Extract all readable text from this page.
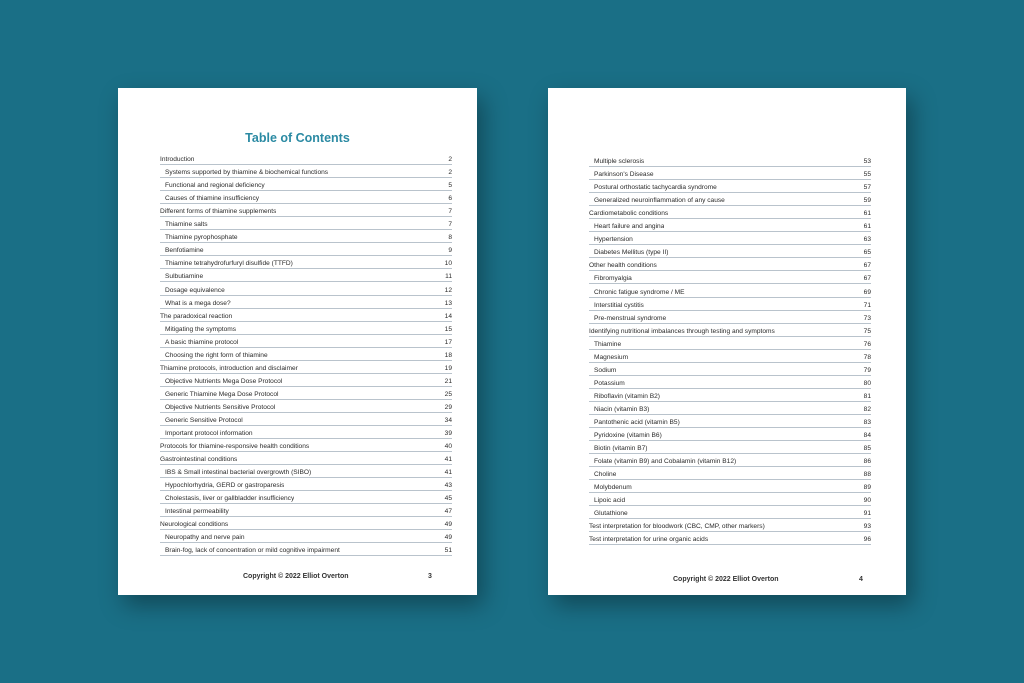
Table of Contents
Introduction	2
Systems supported by thiamine & biochemical functions	2
Functional and regional deficiency	5
Causes of thiamine insufficiency	6
Different forms of thiamine supplements	7
Thiamine salts	7
Thiamine pyrophosphate	8
Benfotiamine	9
Thiamine tetrahydrofurfuryl disulfide (TTFD)	10
Sulbutiamine	11
Dosage equivalence	12
What is a mega dose?	13
The paradoxical reaction	14
Mitigating the symptoms	15
A basic thiamine protocol	17
Choosing the right form of thiamine	18
Thiamine protocols, introduction and disclaimer	19
Objective Nutrients Mega Dose Protocol	21
Generic Thiamine Mega Dose Protocol	25
Objective Nutrients Sensitive Protocol	29
Generic Sensitive Protocol	34
Important protocol information	39
Protocols for thiamine-responsive health conditions	40
Gastrointestinal conditions	41
IBS & Small intestinal bacterial overgrowth (SIBO)	41
Hypochlorhydria, GERD or gastroparesis	43
Cholestasis, liver or gallbladder insufficiency	45
Intestinal permeability	47
Neurological conditions	49
Neuropathy and nerve pain	49
Brain-fog, lack of concentration or mild cognitive impairment	51
Copyright © 2022 Elliot Overton	3
Multiple sclerosis	53
Parkinson's Disease	55
Postural orthostatic tachycardia syndrome	57
Generalized neuroinflammation of any cause	59
Cardiometabolic conditions	61
Heart failure and angina	61
Hypertension	63
Diabetes Mellitus (type II)	65
Other health conditions	67
Fibromyalgia	67
Chronic fatigue syndrome / ME	69
Interstitial cystitis	71
Pre-menstrual syndrome	73
Identifying nutritional imbalances through testing and symptoms	75
Thiamine	76
Magnesium	78
Sodium	79
Potassium	80
Riboflavin (vitamin B2)	81
Niacin (vitamin B3)	82
Pantothenic acid (vitamin B5)	83
Pyridoxine (vitamin B6)	84
Biotin (vitamin B7)	85
Folate (vitamin B9) and Cobalamin (vitamin B12)	86
Choline	88
Molybdenum	89
Lipoic acid	90
Glutathione	91
Test interpretation for bloodwork (CBC, CMP, other markers)	93
Test interpretation for urine organic acids	96
Copyright © 2022 Elliot Overton	4
